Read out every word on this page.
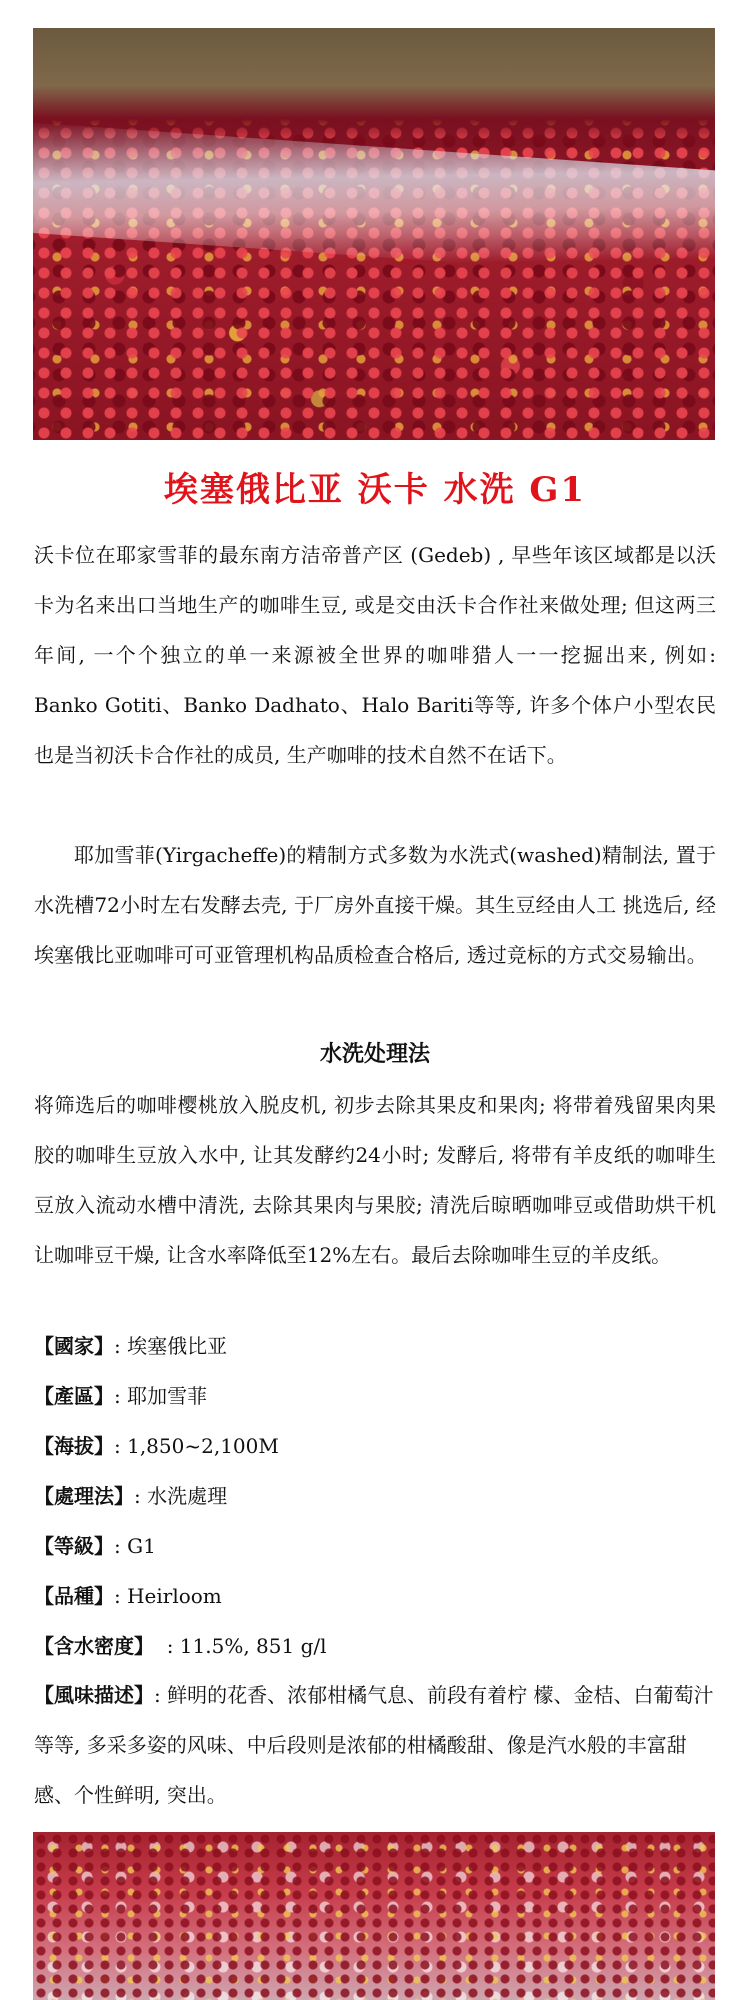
埃塞俄比亚 沃卡 水洗 G1
沃卡位在耶家雪菲的最东南方洁帝普产区 (Gedeb) , 早些年该区域都是以沃卡为名来出口当地生产的咖啡生豆, 或是交由沃卡合作社来做处理; 但这两三年间, 一个个独立的单一来源被全世界的咖啡猎人一一挖掘出来, 例如: Banko Gotiti、Banko Dadhato、Halo Bariti等等, 许多个体户小型农民也是当初沃卡合作社的成员, 生产咖啡的技术自然不在话下。
耶加雪菲(Yirgacheffe)的精制方式多数为水洗式(washed)精制法, 置于水洗槽72小时左右发酵去壳, 于厂房外直接干燥。其生豆经由人工 挑选后, 经埃塞俄比亚咖啡可可亚管理机构品质检查合格后, 透过竞标的方式交易输出。
水洗处理法
将筛选后的咖啡樱桃放入脱皮机, 初步去除其果皮和果肉; 将带着残留果肉果胶的咖啡生豆放入水中, 让其发酵约24小时; 发酵后, 将带有羊皮纸的咖啡生豆放入流动水槽中清洗, 去除其果肉与果胶; 清洗后晾晒咖啡豆或借助烘干机让咖啡豆干燥, 让含水率降低至12%左右。最后去除咖啡生豆的羊皮纸。
【國家】: 埃塞俄比亚
【產區】: 耶加雪菲
【海拔】: 1,850~2,100M
【處理法】: 水洗處理
【等級】: G1
【品種】: Heirloom
【含水密度】  : 11.5%, 851 g/l
【風味描述】: 鲜明的花香、浓郁柑橘气息、前段有着柠 檬、金桔、白葡萄汁等等, 多采多姿的风味、中后段则是浓郁的柑橘酸甜、像是汽水般的丰富甜感、个性鲜明, 突出。
